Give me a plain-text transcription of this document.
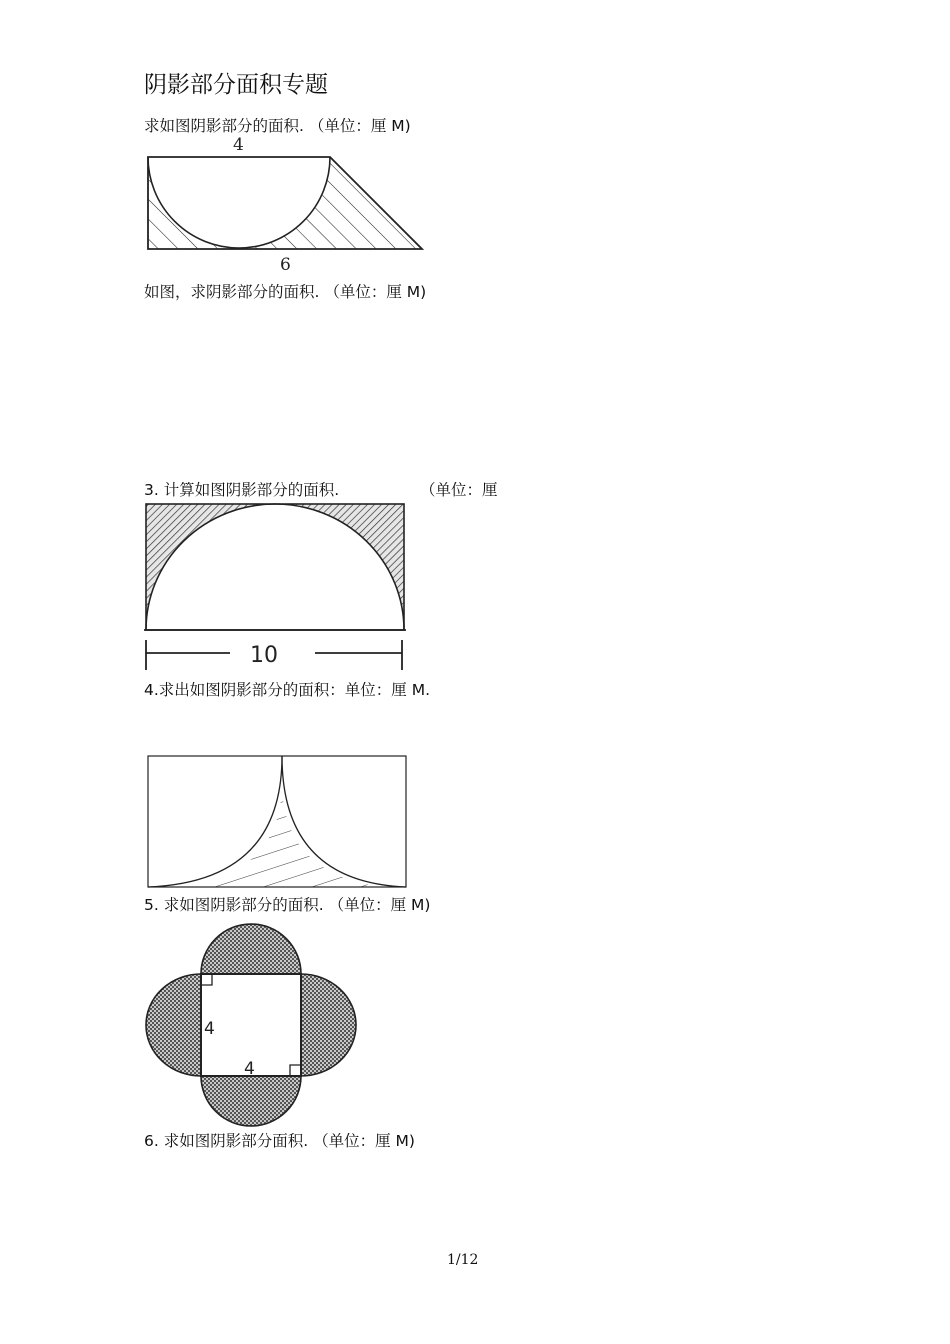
阴影部分面积专题
求如图阴影部分的面积. （单位：厘 M)
4
6
如图，求阴影部分的面积. （单位：厘 M)
3. 计算如图阴影部分的面积.	（单位：厘
10
4.求出如图阴影部分的面积：单位：厘 M.
5. 求如图阴影部分的面积. （单位：厘 M)
4
4
6. 求如图阴影部分面积. （单位：厘 M)
1/12
